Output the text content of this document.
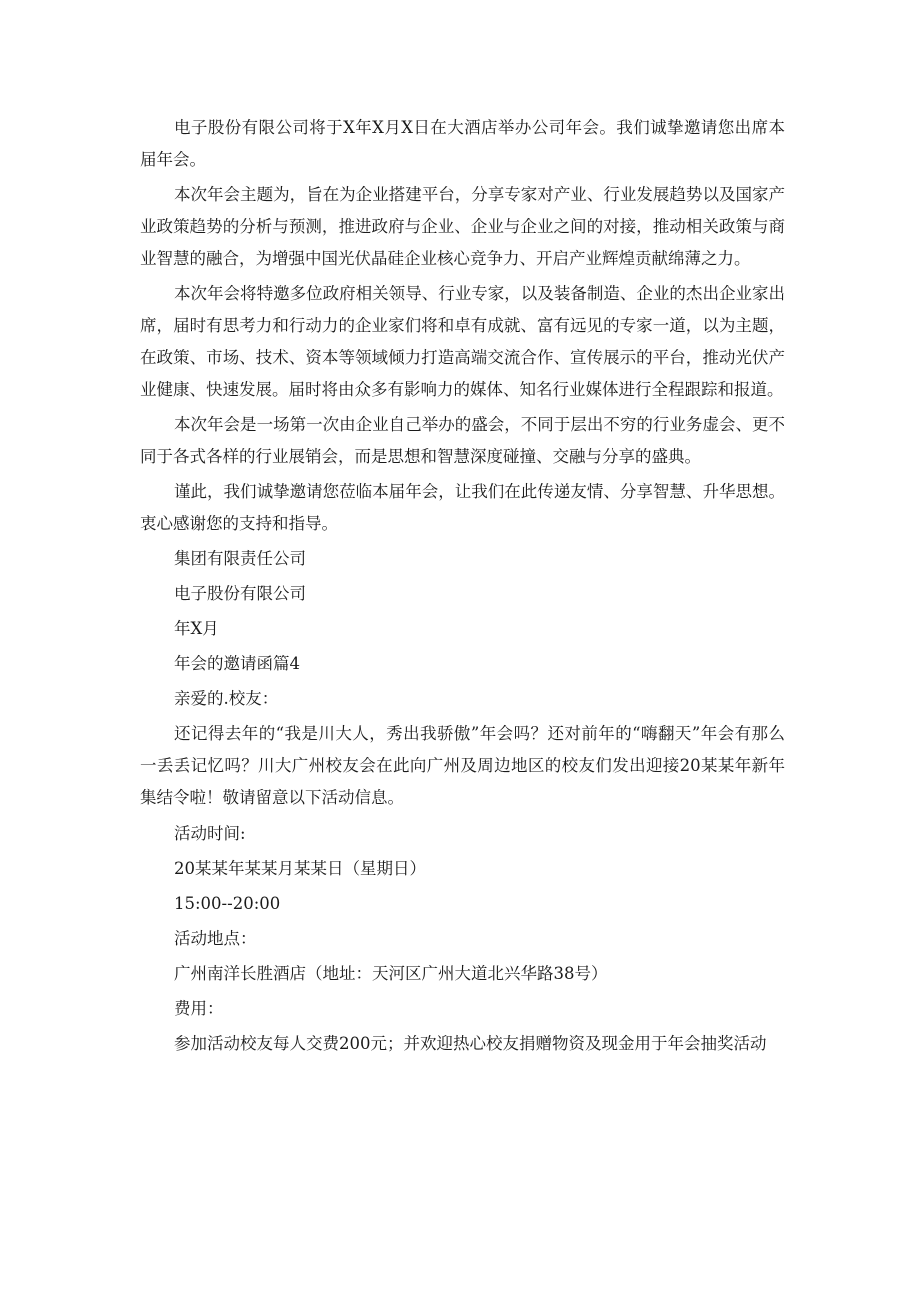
电子股份有限公司将于X年X月X日在大酒店举办公司年会。我们诚挚邀请您出席本届年会。

本次年会主题为，旨在为企业搭建平台，分享专家对产业、行业发展趋势以及国家产业政策趋势的分析与预测，推进政府与企业、企业与企业之间的对接，推动相关政策与商业智慧的融合，为增强中国光伏晶硅企业核心竞争力、开启产业辉煌贡献绵薄之力。

本次年会将特邀多位政府相关领导、行业专家，以及装备制造、企业的杰出企业家出席，届时有思考力和行动力的企业家们将和卓有成就、富有远见的专家一道，以为主题，在政策、市场、技术、资本等领域倾力打造高端交流合作、宣传展示的平台，推动光伏产业健康、快速发展。届时将由众多有影响力的媒体、知名行业媒体进行全程跟踪和报道。

本次年会是一场第一次由企业自己举办的盛会，不同于层出不穷的行业务虚会、更不同于各式各样的行业展销会，而是思想和智慧深度碰撞、交融与分享的盛典。

谨此，我们诚挚邀请您莅临本届年会，让我们在此传递友情、分享智慧、升华思想。衷心感谢您的支持和指导。

集团有限责任公司

电子股份有限公司

年X月

年会的邀请函篇4

亲爱的.校友：

还记得去年的“我是川大人，秀出我骄傲”年会吗？还对前年的“嗨翻天”年会有那么一丢丢记忆吗？川大广州校友会在此向广州及周边地区的校友们发出迎接20某某年新年集结令啦！敬请留意以下活动信息。

活动时间:

20某某年某某月某某日（星期日）

15:00--20:00

活动地点：

广州南洋长胜酒店（地址：天河区广州大道北兴华路38号）

费用：

参加活动校友每人交费200元；并欢迎热心校友捐赠物资及现金用于年会抽奖活动
